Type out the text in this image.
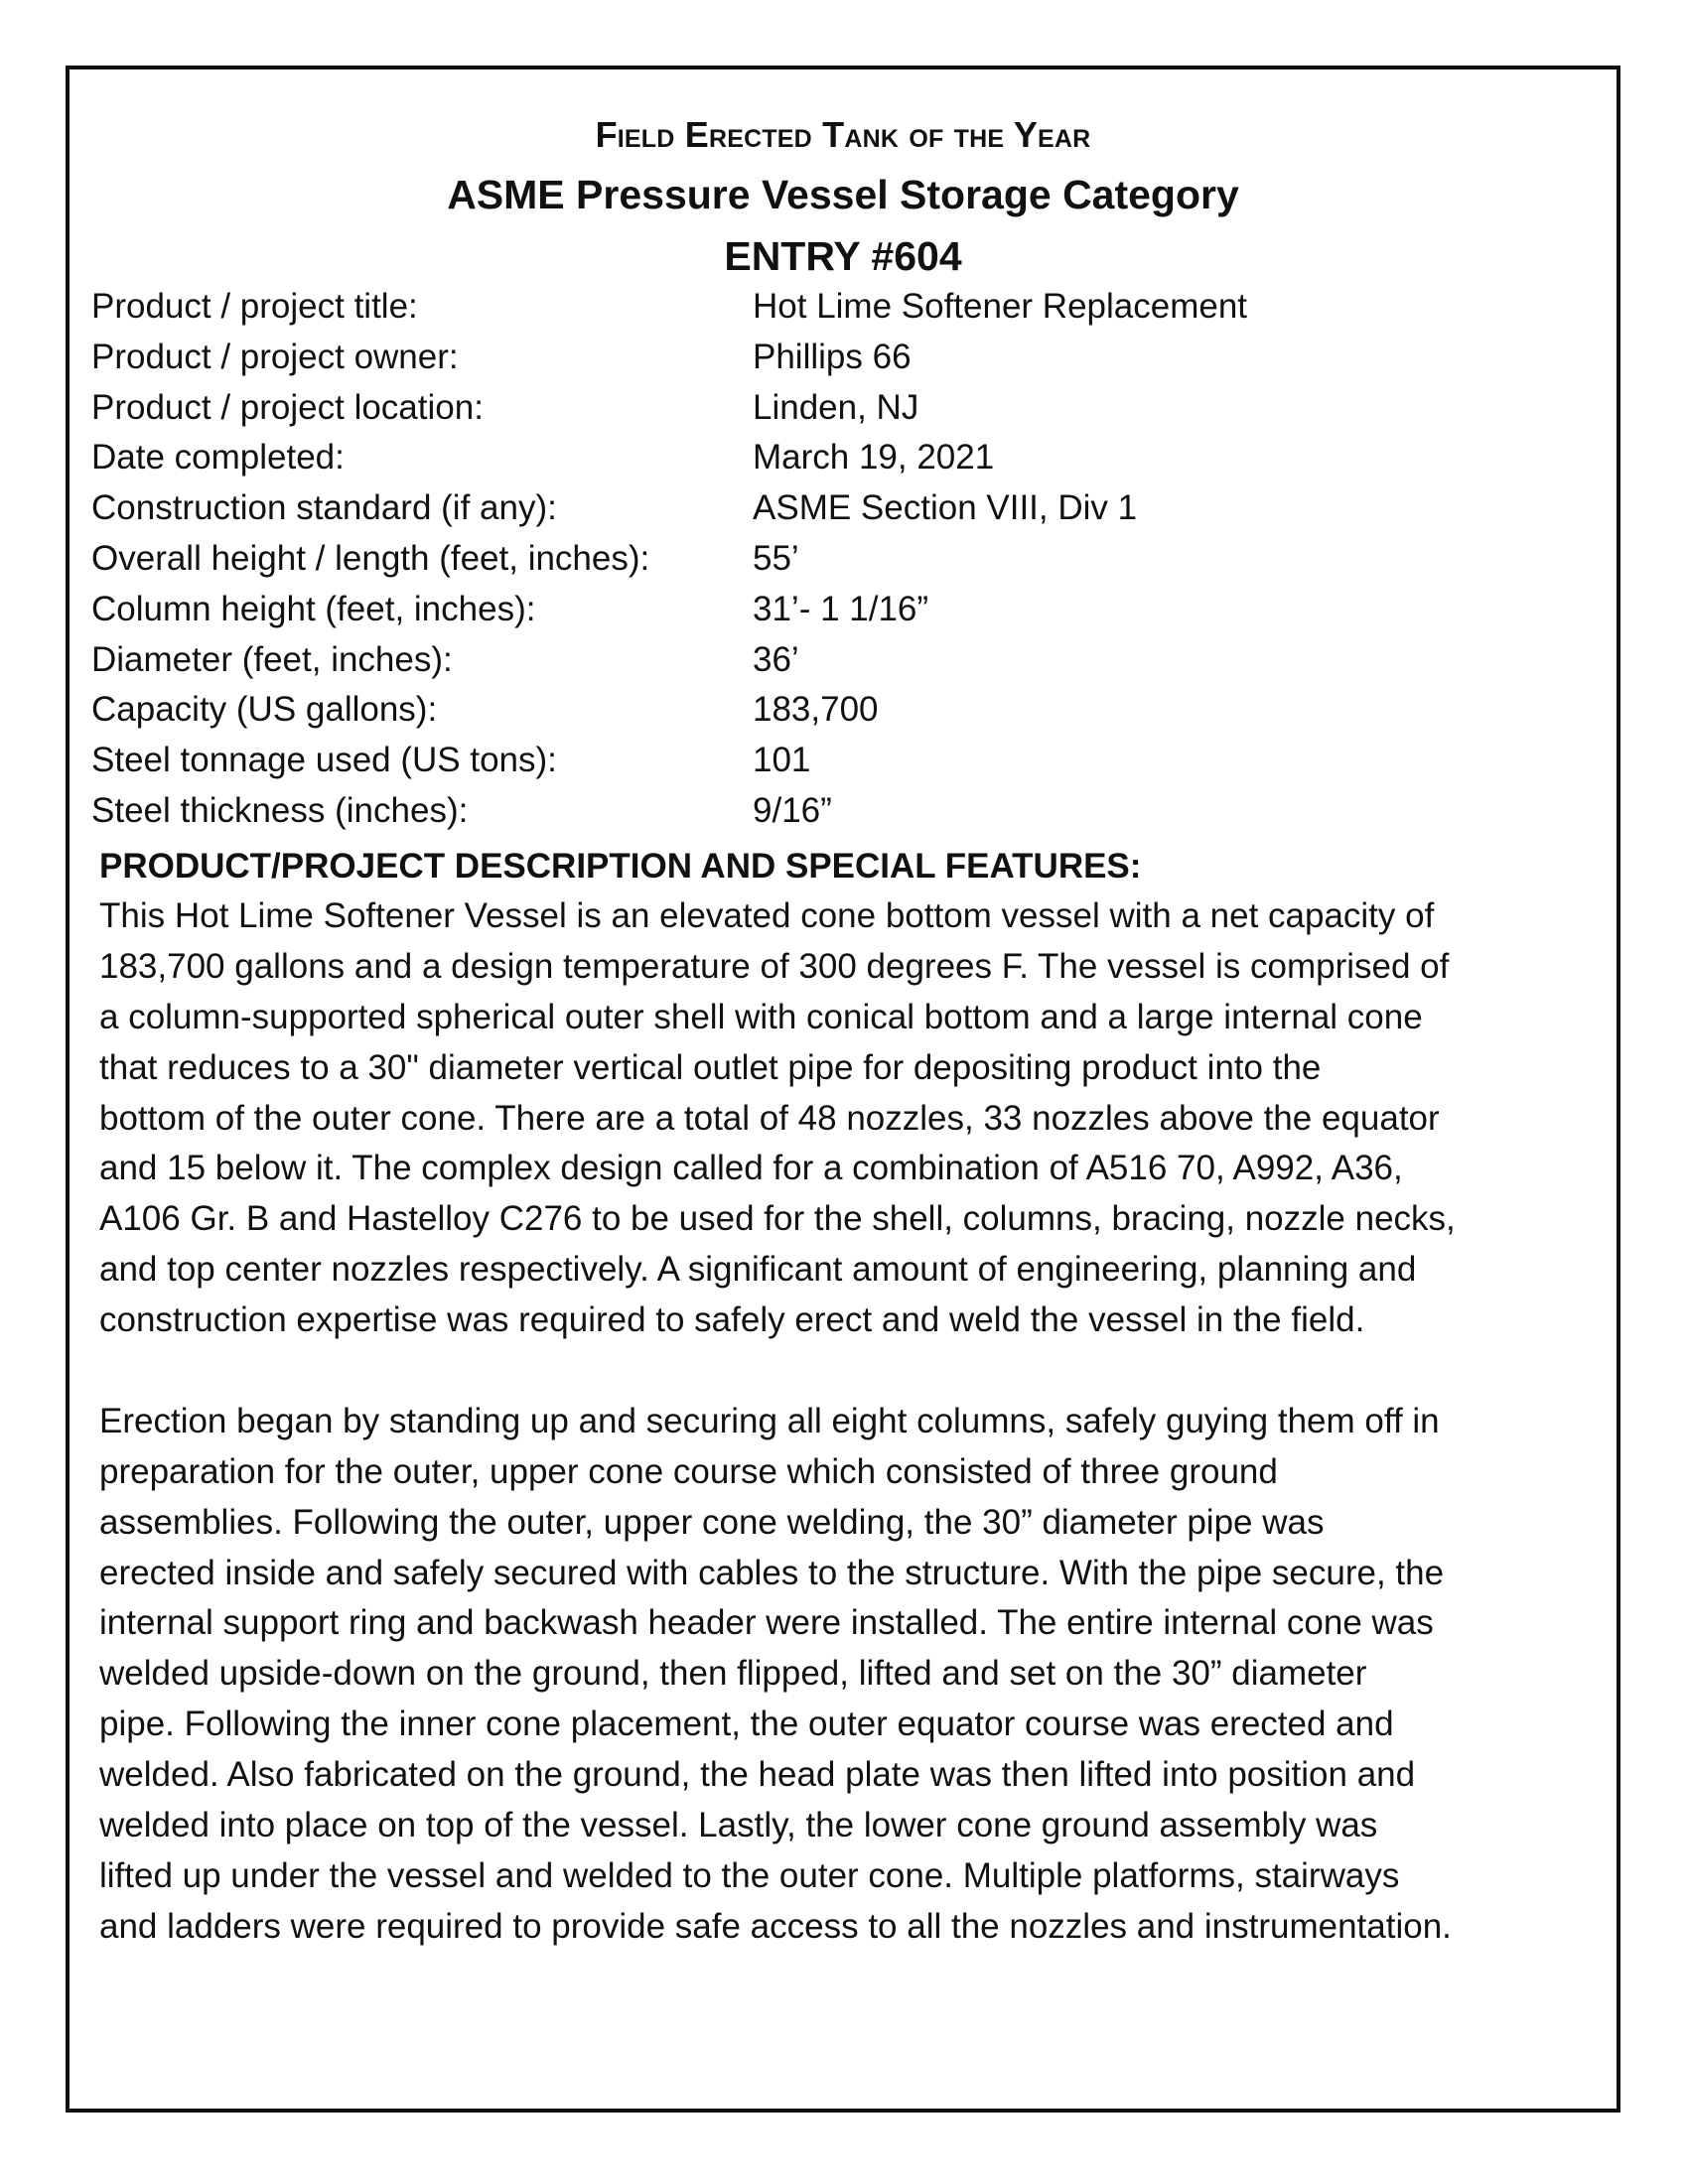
Field Erected Tank of the Year
ASME Pressure Vessel Storage Category
ENTRY #604
Product / project title:	Hot Lime Softener Replacement
Product / project owner:	Phillips 66
Product / project location:	Linden, NJ
Date completed:	March 19, 2021
Construction standard (if any):	ASME Section VIII, Div 1
Overall height / length (feet, inches):	55’
Column height (feet, inches):	31’- 1 1/16”
Diameter (feet, inches):	36’
Capacity (US gallons):	183,700
Steel tonnage used (US tons):	101
Steel thickness (inches):	9/16”
PRODUCT/PROJECT DESCRIPTION AND SPECIAL FEATURES:
This Hot Lime Softener Vessel is an elevated cone bottom vessel with a net capacity of
183,700 gallons and a design temperature of 300 degrees F. The vessel is comprised of
a column-supported spherical outer shell with conical bottom and a large internal cone
that reduces to a 30" diameter vertical outlet pipe for depositing product into the
bottom of the outer cone. There are a total of 48 nozzles, 33 nozzles above the equator
and 15 below it. The complex design called for a combination of A516 70, A992, A36,
A106 Gr. B and Hastelloy C276 to be used for the shell, columns, bracing, nozzle necks,
and top center nozzles respectively. A significant amount of engineering, planning and
construction expertise was required to safely erect and weld the vessel in the field.
Erection began by standing up and securing all eight columns, safely guying them off in
preparation for the outer, upper cone course which consisted of three ground
assemblies. Following the outer, upper cone welding, the 30” diameter pipe was
erected inside and safely secured with cables to the structure. With the pipe secure, the
internal support ring and backwash header were installed. The entire internal cone was
welded upside-down on the ground, then flipped, lifted and set on the 30” diameter
pipe. Following the inner cone placement, the outer equator course was erected and
welded. Also fabricated on the ground, the head plate was then lifted into position and
welded into place on top of the vessel. Lastly, the lower cone ground assembly was
lifted up under the vessel and welded to the outer cone. Multiple platforms, stairways
and ladders were required to provide safe access to all the nozzles and instrumentation.
